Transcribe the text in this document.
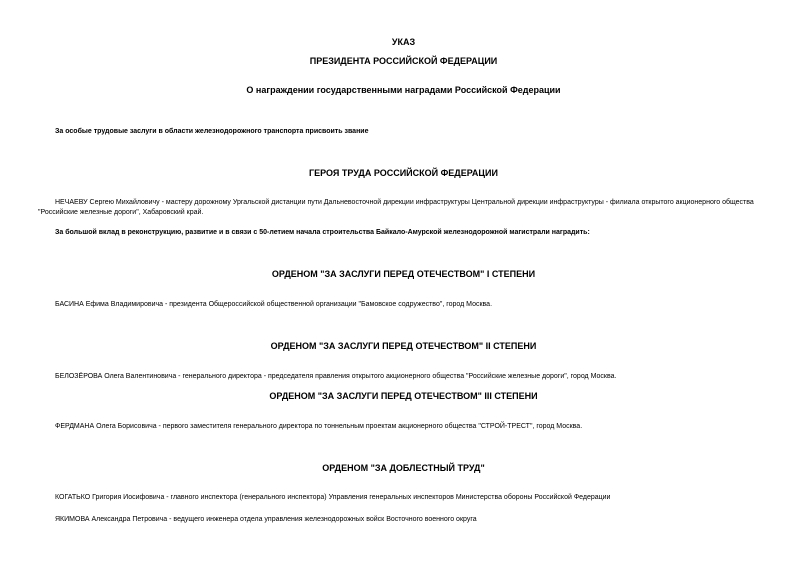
УКАЗ
ПРЕЗИДЕНТА РОССИЙСКОЙ ФЕДЕРАЦИИ
О награждении государственными наградами Российской Федерации
За особые трудовые заслуги в области железнодорожного транспорта присвоить звание
ГЕРОЯ ТРУДА РОССИЙСКОЙ ФЕДЕРАЦИИ
НЕЧАЕВУ Сергею Михайловичу - мастеру дорожному Ургальской дистанции пути Дальневосточной дирекции инфраструктуры Центральной дирекции инфраструктуры - филиала открытого акционерного общества
"Российские железные дороги", Хабаровский край.
За большой вклад в реконструкцию, развитие и в связи с 50-летием начала строительства Байкало-Амурской железнодорожной магистрали наградить:
ОРДЕНОМ "ЗА ЗАСЛУГИ ПЕРЕД ОТЕЧЕСТВОМ" I СТЕПЕНИ
БАСИНА Ефима Владимировича - президента Общероссийской общественной организации "Бамовское содружество", город Москва.
ОРДЕНОМ "ЗА ЗАСЛУГИ ПЕРЕД ОТЕЧЕСТВОМ" II СТЕПЕНИ
БЕЛОЗЁРОВА Олега Валентиновича - генерального директора - председателя правления открытого акционерного общества "Российские железные дороги", город Москва.
ОРДЕНОМ "ЗА ЗАСЛУГИ ПЕРЕД ОТЕЧЕСТВОМ" III СТЕПЕНИ
ФЕРДМАНА Олега Борисовича - первого заместителя генерального директора по тоннельным проектам акционерного общества "СТРОЙ-ТРЕСТ", город Москва.
ОРДЕНОМ "ЗА ДОБЛЕСТНЫЙ ТРУД"
КОГАТЬКО Григория Иосифовича - главного инспектора (генерального инспектора) Управления генеральных инспекторов Министерства обороны Российской Федерации
ЯКИМОВА Александра Петровича - ведущего инженера отдела управления железнодорожных войск Восточного военного округа
